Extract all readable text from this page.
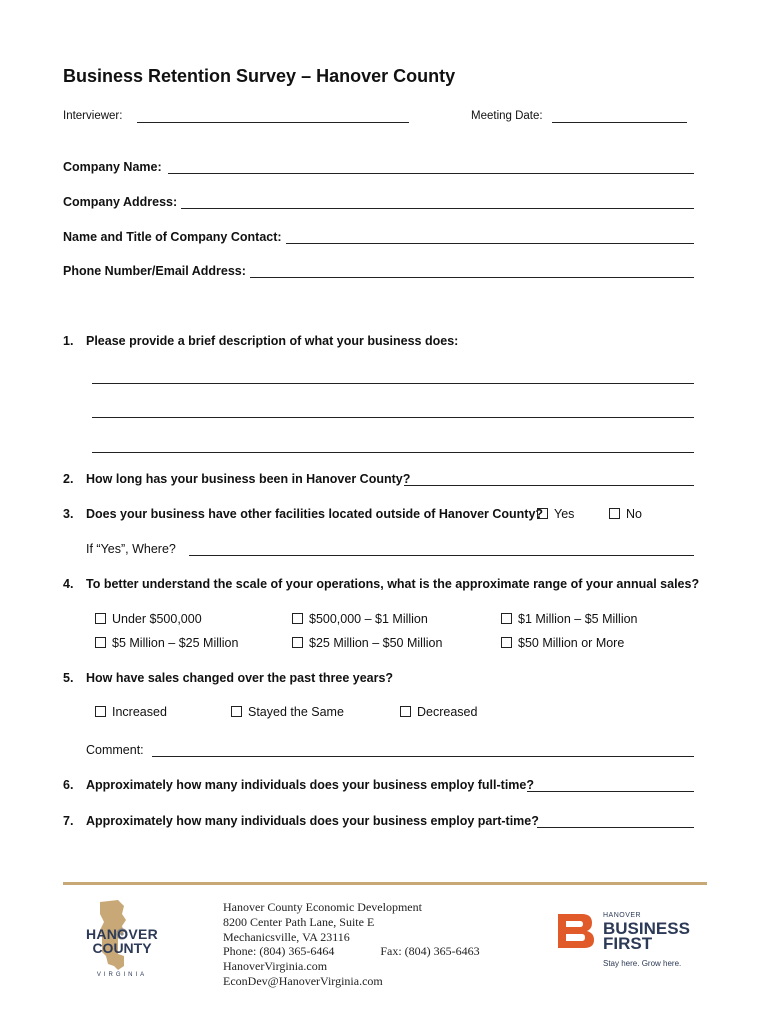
Business Retention Survey – Hanover County
Interviewer:	Meeting Date:
Company Name:
Company Address:
Name and Title of Company Contact:
Phone Number/Email Address:
1. Please provide a brief description of what your business does:
2. How long has your business been in Hanover County?
3. Does your business have other facilities located outside of Hanover County? Yes	No
If “Yes”, Where?
4. To better understand the scale of your operations, what is the approximate range of your annual sales?
Under $500,000	$500,000 – $1 Million	$1 Million – $5 Million
$5 Million – $25 Million	$25 Million – $50 Million	$50 Million or More
5. How have sales changed over the past three years?
Increased	Stayed the Same	Decreased
Comment:
6. Approximately how many individuals does your business employ full-time?
7. Approximately how many individuals does your business employ part-time?
HANOVER
COUNTY
VIRGINIA
Hanover County Economic Development
8200 Center Path Lane, Suite E
Mechanicsville, VA 23116
Phone: (804) 365-6464	Fax: (804) 365-6463
HanoverVirginia.com
EconDev@HanoverVirginia.com
HANOVER
BUSINESS
FIRST
Stay here. Grow here.
